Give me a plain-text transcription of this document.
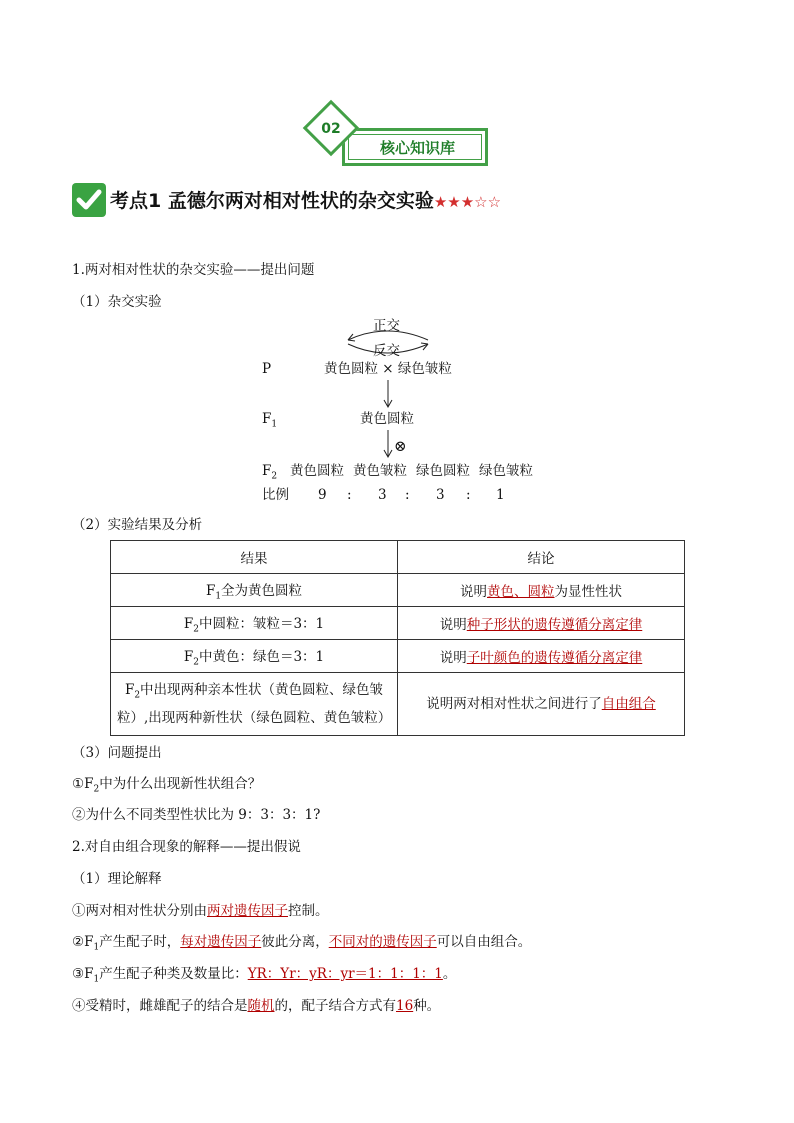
02
核心知识库
考点1 孟德尔两对相对性状的杂交实验★★★☆☆
1.两对相对性状的杂交实验——提出问题
（1）杂交实验
正交
反交
P	黄色圆粒 × 绿色皱粒
$F_1$	黄色圆粒
⊗
$F_2$ 黄色圆粒 黄色皱粒 绿色圆粒 绿色皱粒
比例 9 : 3 : 3 : 1
（2）实验结果及分析
结果	结论
$F_1$全为黄色圆粒	说明黄色、圆粒为显性性状
$F_2$中圆粒：皱粒＝3：1	说明种子形状的遗传遵循分离定律
$F_2$中黄色：绿色＝3：1	说明子叶颜色的遗传遵循分离定律
$F_2$中出现两种亲本性状（黄色圆粒、绿色皱粒）,出现两种新性状（绿色圆粒、黄色皱粒）	说明两对相对性状之间进行了自由组合
（3）问题提出
$①F_2$中为什么出现新性状组合？
②为什么不同类型性状比为 9：3：3：1?
2.对自由组合现象的解释——提出假说
（1）理论解释
①两对相对性状分别由两对遗传因子控制。
$②F_1$产生配子时，每对遗传因子彼此分离，不同对的遗传因子可以自由组合。
$③F_1$产生配子种类及数量比：YR：Yr：yR：yr＝1：1：1：1。
④受精时，雌雄配子的结合是随机的，配子结合方式有16种。
